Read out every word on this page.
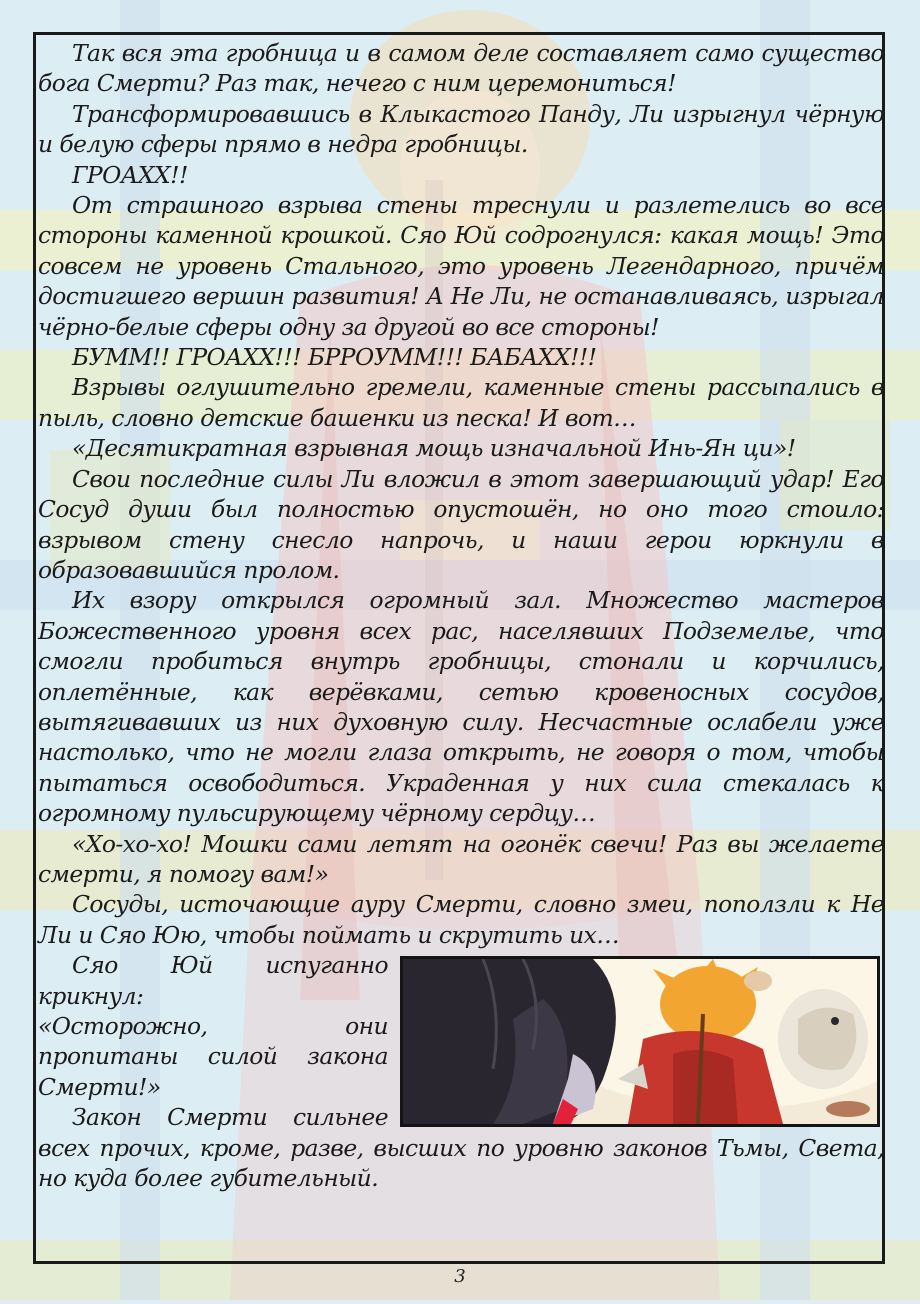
Так вся эта гробница и в самом деле составляет само существо бога Смерти? Раз так, нечего с ним церемониться!

Трансформировавшись в Клыкастого Панду, Ли изрыгнул чёрную и белую сферы прямо в недра гробницы.

ГРОАХХ!!

От страшного взрыва стены треснули и разлетелись во все стороны каменной крошкой. Сяо Юй содрогнулся: какая мощь! Это совсем не уровень Стального, это уровень Легендарного, причём достигшего вершин развития! А Не Ли, не останавливаясь, изрыгал чёрно-белые сферы одну за другой во все стороны!

БУММ!! ГРОАХХ!!! БРРОУММ!!! БАБАХХ!!!

Взрывы оглушительно гремели, каменные стены рассыпались в пыль, словно детские башенки из песка! И вот…

«Десятикратная взрывная мощь изначальной Инь-Ян ци»!

Свои последние силы Ли вложил в этот завершающий удар! Его Сосуд души был полностью опустошён, но оно того стоило: взрывом стену снесло напрочь, и наши герои юркнули в образовавшийся пролом.

Их взору открылся огромный зал. Множество мастеров Божественного уровня всех рас, населявших Подземелье, что смогли пробиться внутрь гробницы, стонали и корчились, оплетённые, как верёвками, сетью кровеносных сосудов, вытягивавших из них духовную силу. Несчастные ослабели уже настолько, что не могли глаза открыть, не говоря о том, чтобы пытаться освободиться. Украденная у них сила стекалась к огромному пульсирующему чёрному сердцу…

«Хо-хо-хо! Мошки сами летят на огонёк свечи! Раз вы желаете смерти, я помогу вам!»

Сосуды, источающие ауру Смерти, словно змеи, поползли к Не Ли и Сяо Юю, чтобы поймать и скрутить их…

Сяо Юй испуганно крикнул:

«Осторожно, они пропитаны силой закона Смерти!»

Закон Смерти сильнее всех прочих, кроме, разве, высших по уровню законов Тьмы, Света, но куда более губительный.

3
